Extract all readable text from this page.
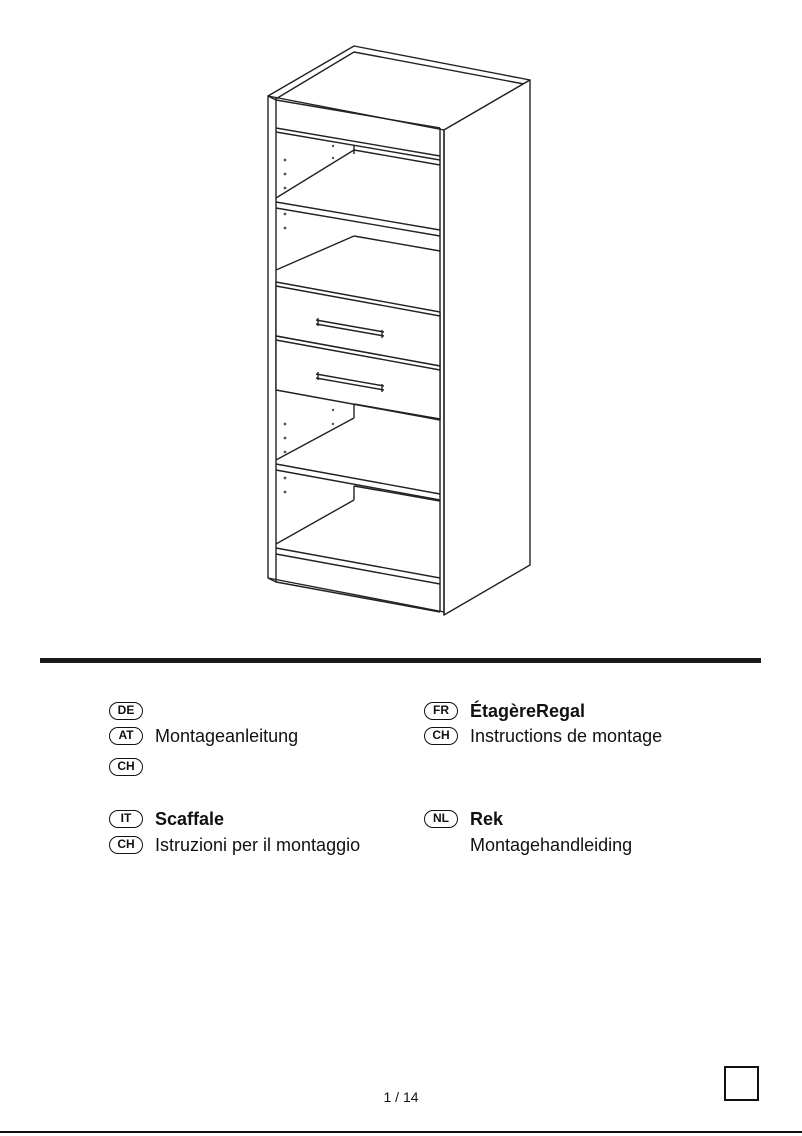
DE
AT	Montageanleitung
CH
FR	ÉtagèreRegal
CH	Instructions de montage
IT	Scaffale
CH	Istruzioni per il montaggio
NL	Rek
Montagehandleiding
1 / 14
